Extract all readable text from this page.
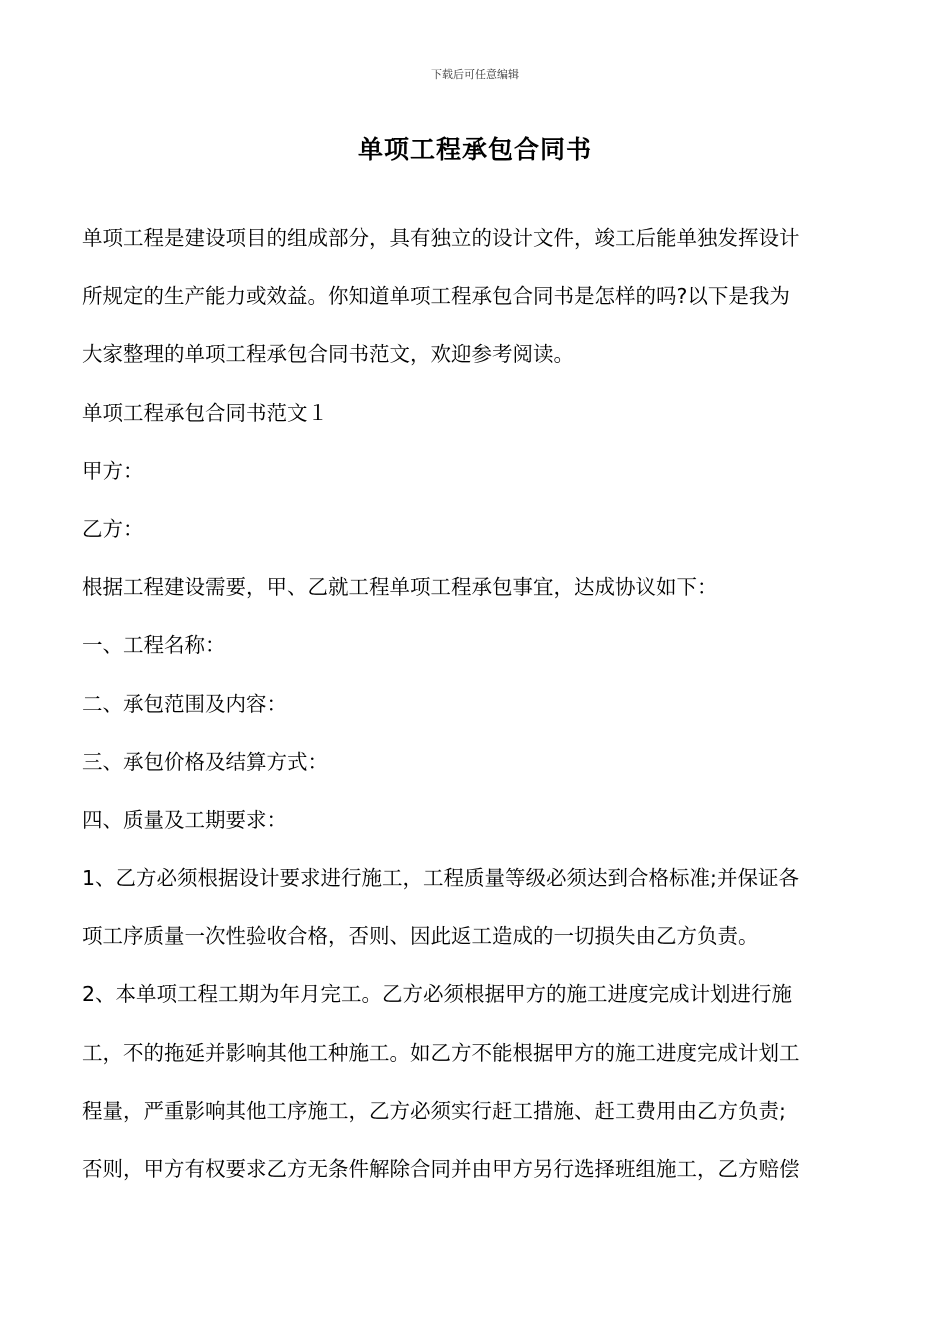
下载后可任意编辑
单项工程承包合同书
单项工程是建设项目的组成部分，具有独立的设计文件，竣工后能单独发挥设计
所规定的生产能力或效益。你知道单项工程承包合同书是怎样的吗?以下是我为
大家整理的单项工程承包合同书范文，欢迎参考阅读。
单项工程承包合同书范文１
甲方：
乙方：
根据工程建设需要，甲、乙就工程单项工程承包事宜，达成协议如下：
一、工程名称：
二、承包范围及内容：
三、承包价格及结算方式：
四、质量及工期要求：
1、乙方必须根据设计要求进行施工，工程质量等级必须达到合格标准;并保证各
项工序质量一次性验收合格，否则、因此返工造成的一切损失由乙方负责。
2、本单项工程工期为年月完工。乙方必须根据甲方的施工进度完成计划进行施
工，不的拖延并影响其他工种施工。如乙方不能根据甲方的施工进度完成计划工
程量，严重影响其他工序施工，乙方必须实行赶工措施、赶工费用由乙方负责;
否则，甲方有权要求乙方无条件解除合同并由甲方另行选择班组施工，乙方赔偿
